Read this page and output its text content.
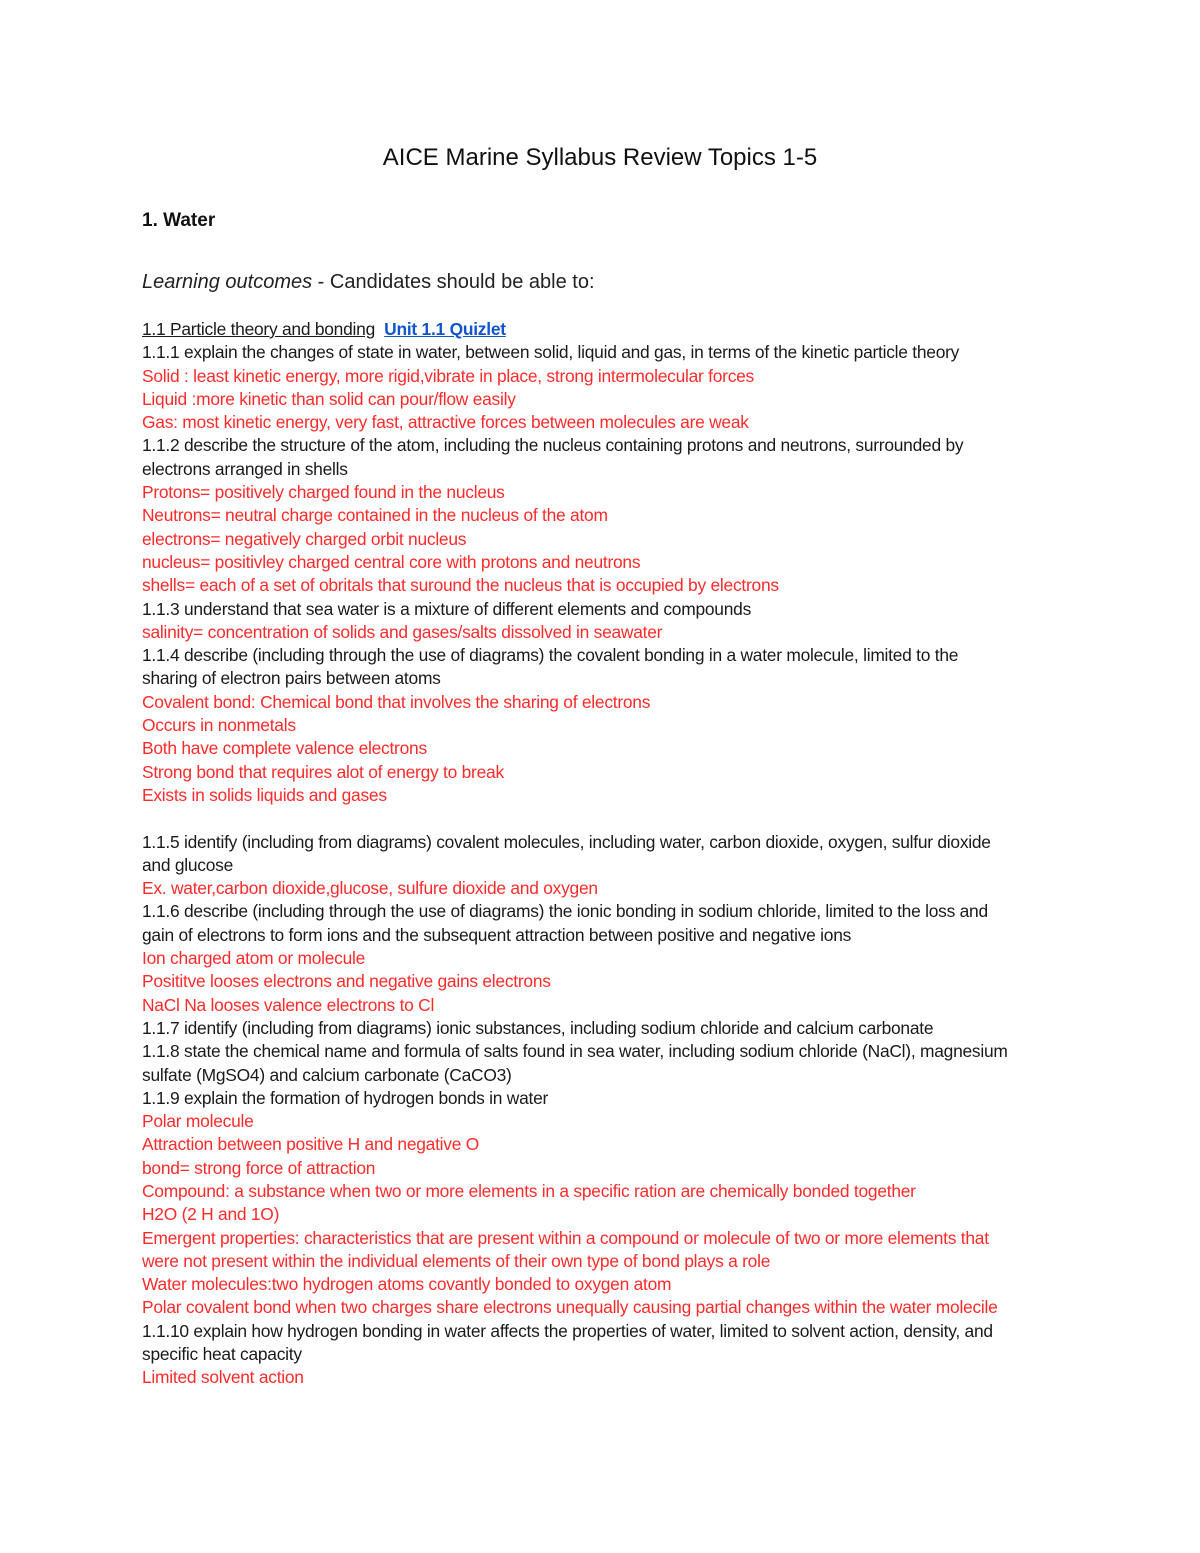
AICE Marine Syllabus Review Topics 1-5
1. Water
Learning outcomes - Candidates should be able to:
1.1 Particle theory and bonding Unit 1.1 Quizlet
1.1.1 explain the changes of state in water, between solid, liquid and gas, in terms of the kinetic particle theory
Solid : least kinetic energy, more rigid,vibrate in place, strong intermolecular forces
Liquid :more kinetic than solid can pour/flow easily
Gas: most kinetic energy, very fast, attractive forces between molecules are weak
1.1.2 describe the structure of the atom, including the nucleus containing protons and neutrons, surrounded by
electrons arranged in shells
Protons= positively charged found in the nucleus
Neutrons= neutral charge contained in the nucleus of the atom
electrons= negatively charged orbit nucleus
nucleus= positivley charged central core with protons and neutrons
shells= each of a set of obritals that suround the nucleus that is occupied by electrons
1.1.3 understand that sea water is a mixture of different elements and compounds
salinity= concentration of solids and gases/salts dissolved in seawater
1.1.4 describe (including through the use of diagrams) the covalent bonding in a water molecule, limited to the
sharing of electron pairs between atoms
Covalent bond: Chemical bond that involves the sharing of electrons
Occurs in nonmetals
Both have complete valence electrons
Strong bond that requires alot of energy to break
Exists in solids liquids and gases
1.1.5 identify (including from diagrams) covalent molecules, including water, carbon dioxide, oxygen, sulfur dioxide
and glucose
Ex. water,carbon dioxide,glucose, sulfure dioxide and oxygen
1.1.6 describe (including through the use of diagrams) the ionic bonding in sodium chloride, limited to the loss and
gain of electrons to form ions and the subsequent attraction between positive and negative ions
Ion charged atom or molecule
Posititve looses electrons and negative gains electrons
NaCl Na looses valence electrons to Cl
1.1.7 identify (including from diagrams) ionic substances, including sodium chloride and calcium carbonate
1.1.8 state the chemical name and formula of salts found in sea water, including sodium chloride (NaCl), magnesium
sulfate (MgSO4) and calcium carbonate (CaCO3)
1.1.9 explain the formation of hydrogen bonds in water
Polar molecule
Attraction between positive H and negative O
bond= strong force of attraction
Compound: a substance when two or more elements in a specific ration are chemically bonded together
H2O (2 H and 1O)
Emergent properties: characteristics that are present within a compound or molecule of two or more elements that
were not present within the individual elements of their own type of bond plays a role
Water molecules:two hydrogen atoms covantly bonded to oxygen atom
Polar covalent bond when two charges share electrons unequally causing partial changes within the water molecile
1.1.10 explain how hydrogen bonding in water affects the properties of water, limited to solvent action, density, and
specific heat capacity
Limited solvent action
